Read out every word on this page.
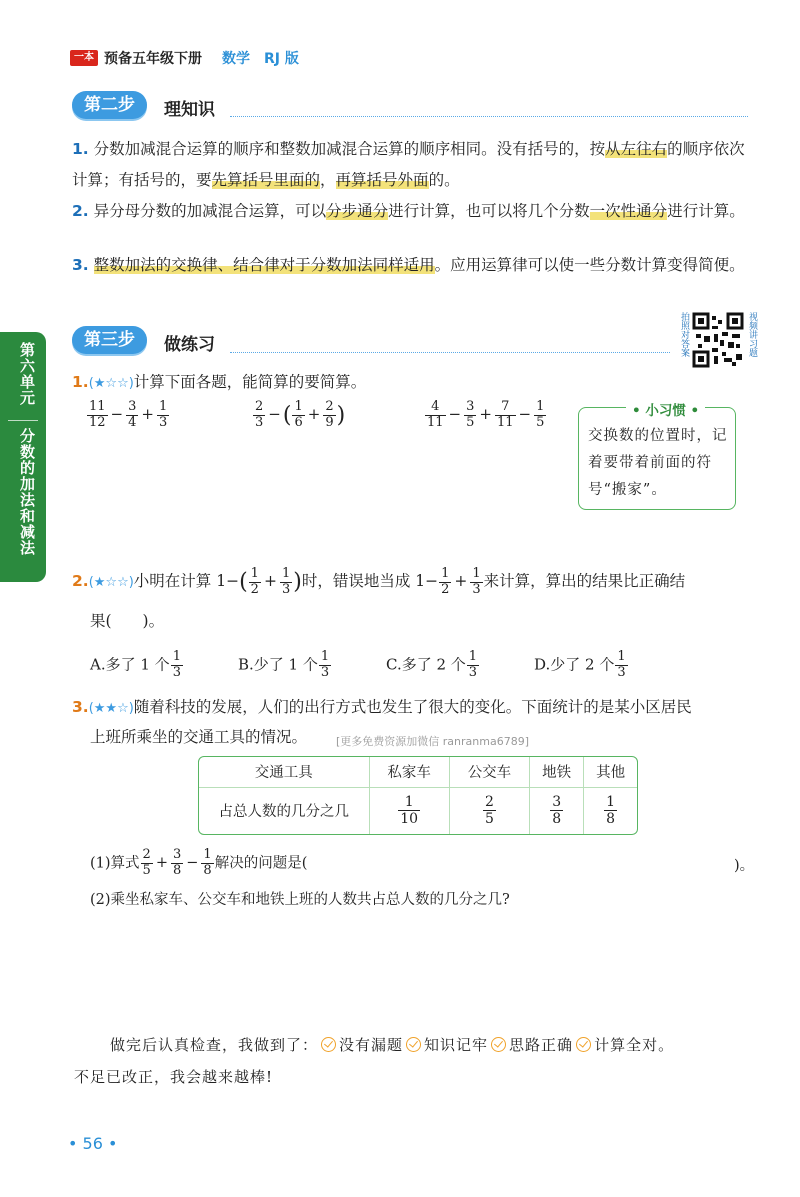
一本 预备五年级下册 数学 RJ 版
第二步	理知识
1. 分数加减混合运算的顺序和整数加减混合运算的顺序相同。没有括号的，按从左往右的顺序依次计算；有括号的，要先算括号里面的，再算括号外面的。
2. 异分母分数的加减混合运算，可以分步通分进行计算，也可以将几个分数一次性通分进行计算。
3. 整数加法的交换律、结合律对于分数加法同样适用。应用运算律可以使一些分数计算变得简便。
第六单元
分数的加法和减法
第三步	做练习	拍照对答案	视频讲习题
1.(★☆☆)计算下面各题，能简算的要简算。
$\frac{11}{12} - \frac{3}{4} + \frac{1}{3}$	$\frac{2}{3}$ −( $\frac{1}{6} + \frac{2}{9}$ )	$\frac{4}{11} - \frac{3}{5} + \frac{7}{11} - \frac{1}{5}$	• 小习惯 •
交换数的位置时，记着要带着前面的符号“搬家”。
2.(★☆☆)小明在计算 $1-( \frac{1}{2} + \frac{1}{3}$ )时，错误地当成 $1- \frac{1}{2} + \frac{1}{3}$ 来计算，算出的结果比正确结
果(　　)。
A.多了 1 个 $\frac{1}{3}$	B.少了 1 个 $\frac{1}{3}$	C.多了 2 个 $\frac{1}{3}$	D.少了 2 个 $\frac{1}{3}$
3.(★★☆)随着科技的发展，人们的出行方式也发生了很大的变化。下面统计的是某小区居民
上班所乘坐的交通工具的情况。	[更多免费资源加微信 ranranma6789]
交通工具	私家车	公交车	地铁	其他
占总人数的几分之几	$\frac{1}{10}$	$\frac{2}{5}$	$\frac{3}{8}$	$\frac{1}{8}$
(1)算式 $\frac{2}{5} + \frac{3}{8} - \frac{1}{8}$ 解决的问题是(	)。
(2)乘坐私家车、公交车和地铁上班的人数共占总人数的几分之几?
做完后认真检查，我做到了： 没有漏题 知识记牢 思路正确 计算全对。
不足已改正，我会越来越棒!
• 56 •
